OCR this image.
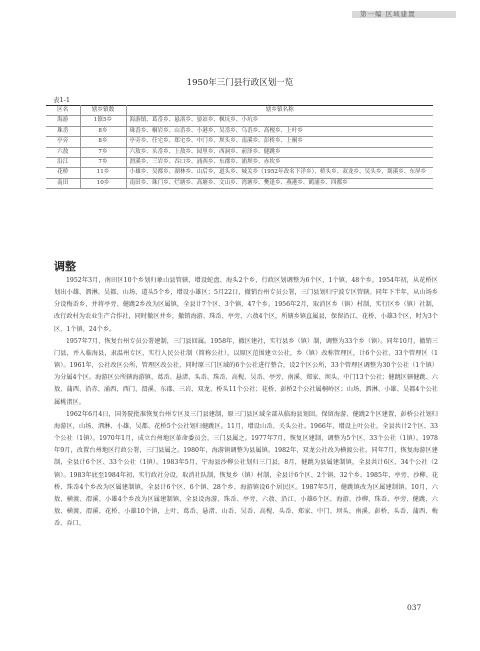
第一编 区域建置
1950年三门县行政区划一览
表1-1
区名	辖乡镇数	辖乡镇名称
海游	1镇5乡	海游镇、葛岙乡、悬渚乡、晏站乡、枫坑乡、小坑乡
珠岙	8乡	珠岙乡、桐岩乡、山岙乡、小港乡、吴岙乡、乌岙乡、高枧乡、上叶乡
亭旁	8乡	亭旁乡、任宅乡、郑宅乡、中门乡、坝头乡、南溪乡、彭桥乡、上桐乡
六敖	7乡	六敖乡、头岙乡、上敖乡、园里乡、西洞乡、前泽乡、健跳乡
沿江	7乡	渭溪乡、三岩乡、吞口乡、涌西乡、东郡乡、浦坝乡、赤坎乡
花桥	11乡	小雄乡、吴都乡、湖林乡、山后乡、道头乡、城关乡（1952年改名下洋乡）、桥头乡、双龙乡、吴头乡、剡溪乡、东屏乡
南田	10乡	南田乡、珠门乡、烂塘乡、高塘乡、文山乡、湾塘乡、樊逢乡、燕港乡、鹤浦乡、四都乡
调整

1952年3月，南田区10个乡划归象山县管辖，增设蛇盘、海头2个乡，行政区划调整为6个区、1个镇、48个乡。1954年初，从花桥区划出小雄、泗淋、吴都、山场、道头5个乡，增设小雄区；5月22日，撤销台州专员公署，三门县划归宁波专区管辖。同年下半年，从山场乡分设梅岙乡，并将亭旁、健跳2乡改为区属镇，全县计7个区、3个镇、47个乡。1956年2月，取消区乡（镇）村制，实行区乡（镇）社制，改行政村为农业生产合作社，同时撤区并乡，撤销海游、珠岙、亭旁、六敖4个区，所辖乡镇直属县，保留沿江、花桥、小雄3个区，时为3个区、1个镇、24个乡。

1957年7月，恢复台州专员公署建制，三门县回属。1958年，撤区建社，实行县乡（镇）制，调整为33个乡（镇）。同年10月，撤销三门县，并入临海县，隶温州专区，实行人民公社制（简称公社），以原区范围建立公社，乡（镇）改称管理区，计6个公社、33个管理区（1镇）。1961年，公社改区公所，管理区改公社，同时原三门区域的6个公社进行整合，设2个区公所，33个管理区调整为30个公社（1个镇）为分属4个区。海游区公所辖海游镇、葛岙、悬渚、头岙、珠岙、高枧、吴岙、亭旁、南溪、郑家、坝头、中门13个公社；健跳区辖健跳、六敖、蒲西、沿赤、涌西、西门、渭溪、东郡、三岩、双龙、桥头11个公社；花桥、彭桥2个公社属桐岭区；山场、泗淋、小雄、吴都4个公社属桃渚区。

1962年6月4日，国务院批准恢复台州专区及三门县建制，原三门县区域全部从临海县划回。保留海游、健跳2个区建置，彭桥公社划归海游区，山场、泗淋、小雄、吴都、花桥5个公社划归健跳区。11月，增设山岙、关头公社。1966年，增设上叶公社，全县共计2个区、33个公社（1镇）。1970年1月，成立台州地区革命委员会，三门县属之。1977年7月，恢复区建制，调整为5个区、33个公社（1镇）。1978年9月，改置台州地区行政公署，三门县属之。1980年，海游镇调整为县属镇。1982年，双龙公社改为横渡公社。同年7月，恢复海游区建制，全县计6个区、33个公社（1镇）。1983年5月，宁海县沙柳公社划归三门县，8月，健跳为县属建制镇，全县共计6区、34个公社（2镇）。1983年底至1984年初，实行政社分设，取消社队制，恢复乡（镇）村制，全县计6个区、2个镇、32个乡。1985年，亭旁、沙柳、花桥、珠岙4个乡改为区属建制镇，全县计6个区、6个镇、28个乡、海游镇设6个居民区。1987年5月，健跳镇改为区属建制镇。10月，六敖、横渡、渭溪、小雄4个乡改为区属建制镇，全县设海游、珠岙、亭旁、六敖、沿江、小雄6个区，海游、沙柳、珠岙、亭旁、健跳、六敖、横渡、渭溪、花桥、小雄10个镇，上叶、葛岙、悬渚、山岙、吴岙、高枧、头岙、郑家、中门、坝头、南溪、彭桥、头岙、蒲西、梅岙、吞口、

037
